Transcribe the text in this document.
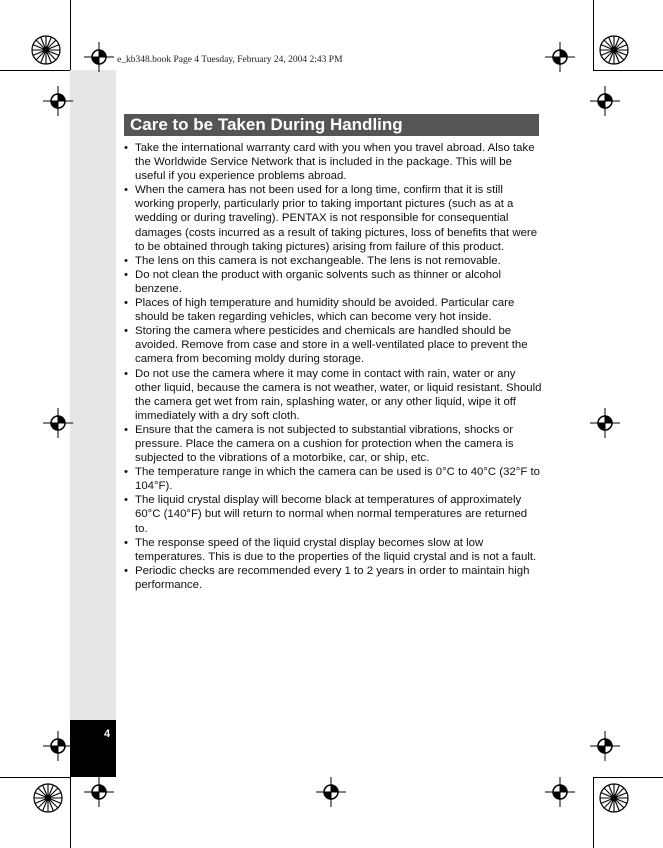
4
e_kb348.book Page 4 Tuesday, February 24, 2004 2:43 PM
Care to be Taken During Handling
• Take the international warranty card with you when you travel abroad. Also take the Worldwide Service Network that is included in the package. This will be useful if you experience problems abroad.
• When the camera has not been used for a long time, confirm that it is still working properly, particularly prior to taking important pictures (such as at a wedding or during traveling). PENTAX is not responsible for consequential damages (costs incurred as a result of taking pictures, loss of benefits that were to be obtained through taking pictures) arising from failure of this product.
• The lens on this camera is not exchangeable. The lens is not removable.
• Do not clean the product with organic solvents such as thinner or alcohol benzene.
• Places of high temperature and humidity should be avoided. Particular care should be taken regarding vehicles, which can become very hot inside.
• Storing the camera where pesticides and chemicals are handled should be avoided. Remove from case and store in a well-ventilated place to prevent the camera from becoming moldy during storage.
• Do not use the camera where it may come in contact with rain, water or any other liquid, because the camera is not weather, water, or liquid resistant. Should the camera get wet from rain, splashing water, or any other liquid, wipe it off immediately with a dry soft cloth.
• Ensure that the camera is not subjected to substantial vibrations, shocks or pressure. Place the camera on a cushion for protection when the camera is subjected to the vibrations of a motorbike, car, or ship, etc.
• The temperature range in which the camera can be used is 0°C to 40°C (32°F to 104°F).
• The liquid crystal display will become black at temperatures of approximately 60°C (140°F) but will return to normal when normal temperatures are returned to.
• The response speed of the liquid crystal display becomes slow at low temperatures. This is due to the properties of the liquid crystal and is not a fault.
• Periodic checks are recommended every 1 to 2 years in order to maintain high performance.
